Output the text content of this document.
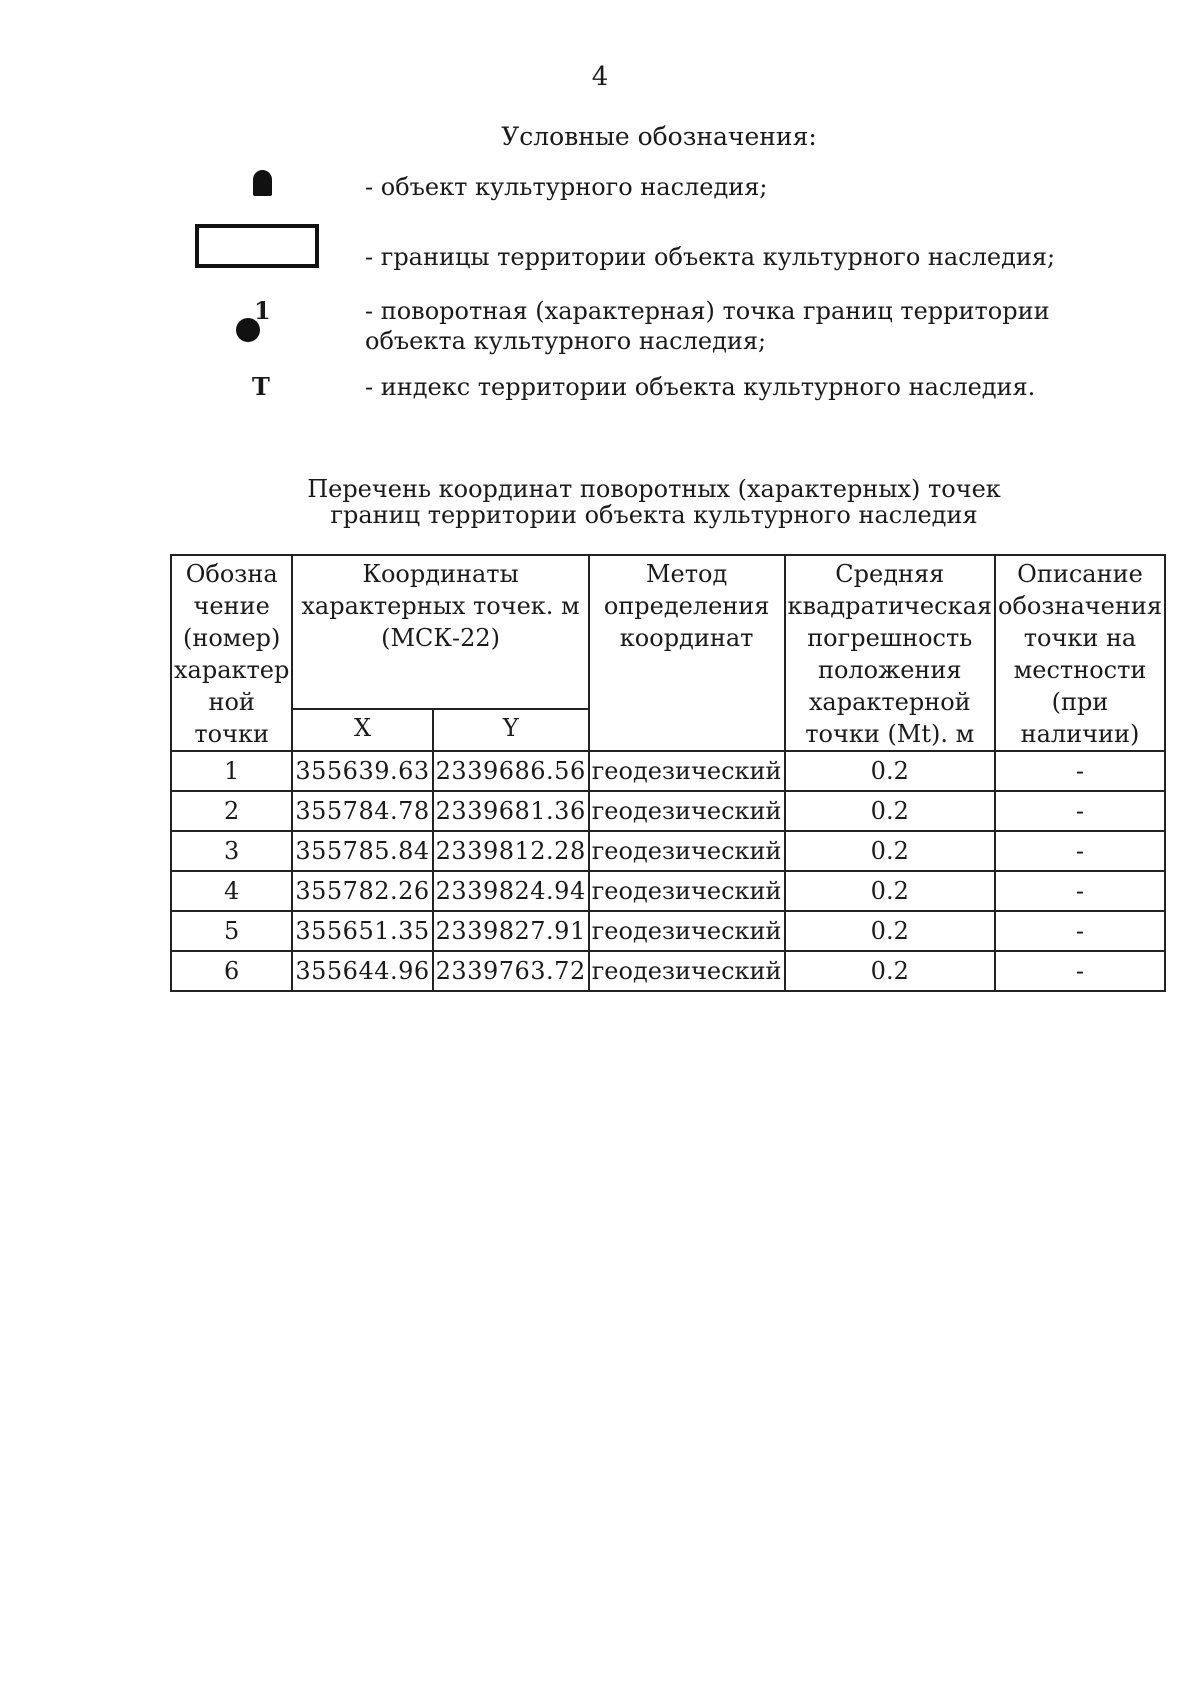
4
Условные обозначения:
- объект культурного наследия;
- границы территории объекта культурного наследия;
1	- поворотная (характерная) точка границ территории объекта культурного наследия;
Т	- индекс территории объекта культурного наследия.
Перечень координат поворотных (характерных) точек
границ территории объекта культурного наследия
Обозна чение (номер) характер ной точки	Координаты характерных точек. м (МСК-22)		Метод определения координат	Средняя квадратическая погрешность положения характерной точки (Mt). м	Описание обозначения точки на местности (при наличии)
	X	Y			
1	355639.63	2339686.56	геодезический	0.2	-
2	355784.78	2339681.36	геодезический	0.2	-
3	355785.84	2339812.28	геодезический	0.2	-
4	355782.26	2339824.94	геодезический	0.2	-
5	355651.35	2339827.91	геодезический	0.2	-
6	355644.96	2339763.72	геодезический	0.2	-
